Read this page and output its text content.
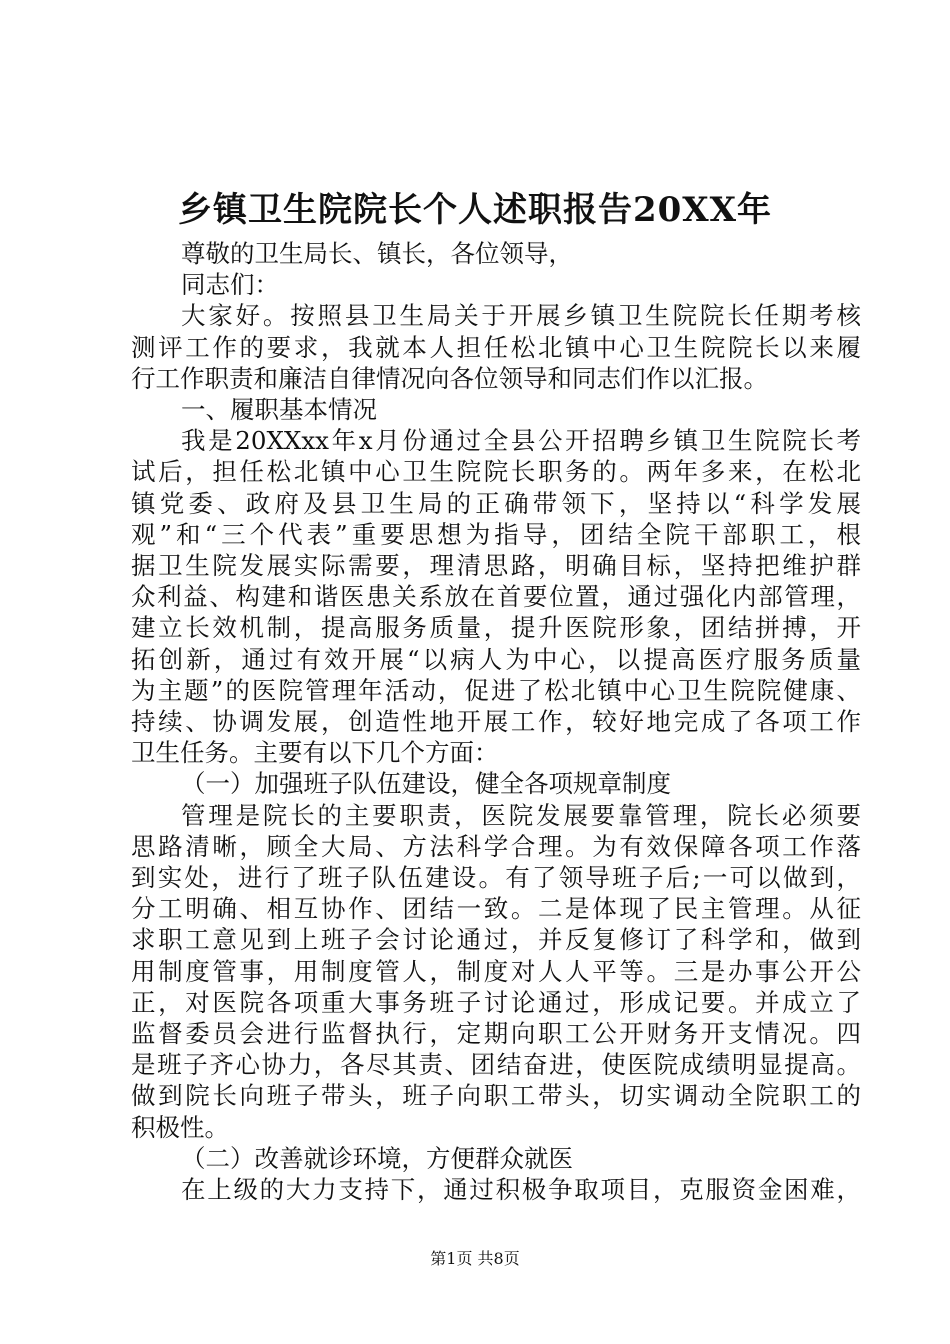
乡镇卫生院院长个人述职报告20XX年
尊敬的卫生局长、镇长，各位领导，
同志们：
大家好。按照县卫生局关于开展乡镇卫生院院长任期考核
测评工作的要求，我就本人担任松北镇中心卫生院院长以来履
行工作职责和廉洁自律情况向各位领导和同志们作以汇报。
一、履职基本情况
我是20XXxx年x月份通过全县公开招聘乡镇卫生院院长考
试后，担任松北镇中心卫生院院长职务的。两年多来，在松北
镇党委、政府及县卫生局的正确带领下，坚持以“科学发展
观”和“三个代表”重要思想为指导，团结全院干部职工，根
据卫生院发展实际需要，理清思路，明确目标，坚持把维护群
众利益、构建和谐医患关系放在首要位置，通过强化内部管理，
建立长效机制，提高服务质量，提升医院形象，团结拼搏，开
拓创新，通过有效开展“以病人为中心，以提高医疗服务质量
为主题”的医院管理年活动，促进了松北镇中心卫生院院健康、
持续、协调发展，创造性地开展工作，较好地完成了各项工作
卫生任务。主要有以下几个方面：
（一）加强班子队伍建设，健全各项规章制度
管理是院长的主要职责，医院发展要靠管理，院长必须要
思路清晰，顾全大局、方法科学合理。为有效保障各项工作落
到实处，进行了班子队伍建设。有了领导班子后;一可以做到，
分工明确、相互协作、团结一致。二是体现了民主管理。从征
求职工意见到上班子会讨论通过，并反复修订了科学和，做到
用制度管事，用制度管人，制度对人人平等。三是办事公开公
正，对医院各项重大事务班子讨论通过，形成记要。并成立了
监督委员会进行监督执行，定期向职工公开财务开支情况。四
是班子齐心协力，各尽其责、团结奋进，使医院成绩明显提高。
做到院长向班子带头，班子向职工带头，切实调动全院职工的
积极性。
（二）改善就诊环境，方便群众就医
在上级的大力支持下，通过积极争取项目，克服资金困难，
第1页 共8页
